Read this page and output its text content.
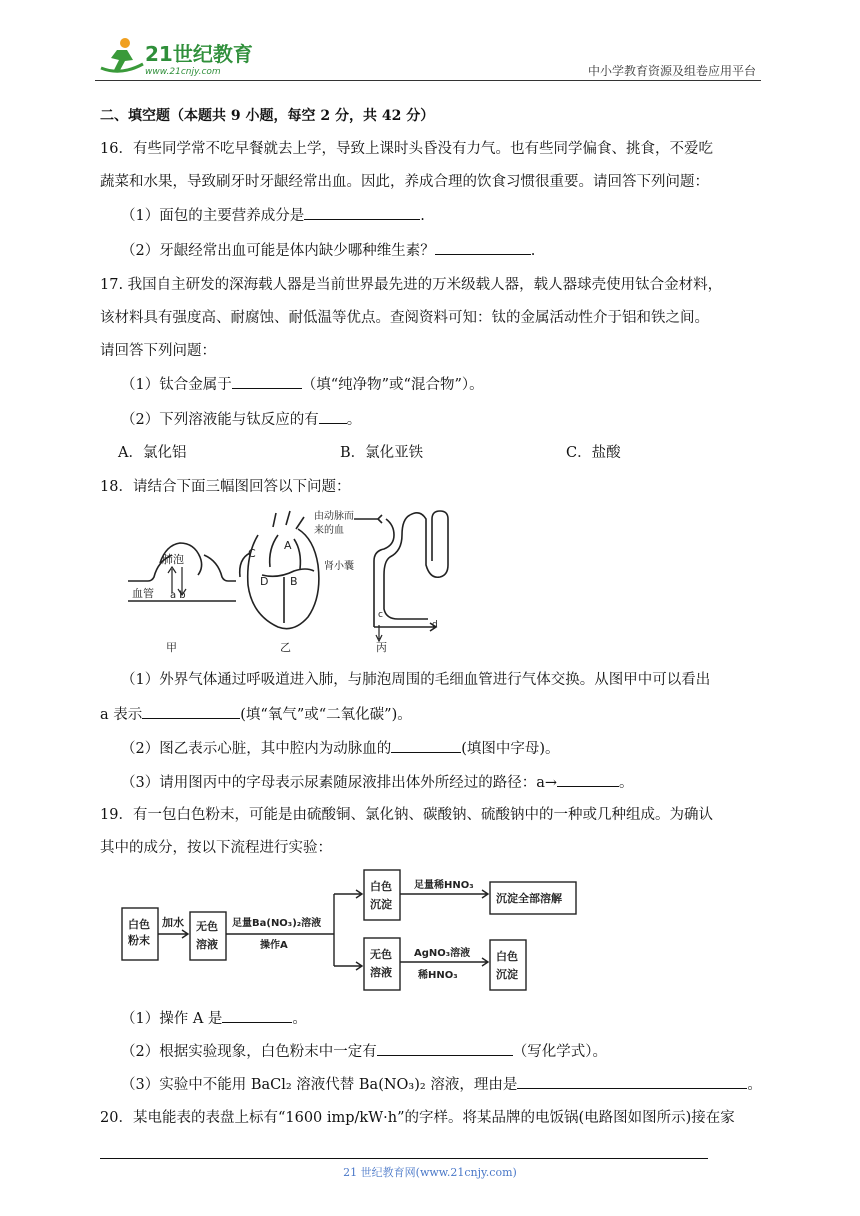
21世纪教育
www.21cnjy.com	中小学教育资源及组卷应用平台
二、填空题（本题共 9 小题，每空 2 分，共 42 分）
16．有些同学常不吃早餐就去上学，导致上课时头昏没有力气。也有些同学偏食、挑食，不爱吃
蔬菜和水果，导致刷牙时牙龈经常出血。因此，养成合理的饮食习惯很重要。请回答下列问题：
（1）面包的主要营养成分是	.
（2）牙龈经常出血可能是体内缺少哪种维生素？	.
17. 我国自主研发的深海载人器是当前世界最先进的万米级载人器，载人器球壳使用钛合金材料，
该材料具有强度高、耐腐蚀、耐低温等优点。查阅资料可知：钛的金属活动性介于铝和铁之间。
请回答下列问题：
（1）钛合金属于	（填“纯净物”或“混合物”）。
（2）下列溶液能与钛反应的有 。
A．氯化铝	B．氯化亚铁	C．盐酸
18．请结合下面三幅图回答以下问题：
肺泡
血管 a b
甲
C
A
D B
乙
由动脉而
来的血
肾小囊
c
d
丙
（1）外界气体通过呼吸道进入肺，与肺泡周围的毛细血管进行气体交换。从图甲中可以看出
a 表示	(填“氧气”或“二氧化碳”)。
（2）图乙表示心脏，其中腔内为动脉血的	(填图中字母)。
（3）请用图丙中的字母表示尿素随尿液排出体外所经过的路径：a→	。
19．有一包白色粉末，可能是由硫酸铜、氯化钠、碳酸钠、硫酸钠中的一种或几种组成。为确认
其中的成分，按以下流程进行实验：
白色
粉末
加水 无色
溶液
足量Ba(NO₃)₂溶液
操作A
白色
沉淀
足量稀HNO₃
沉淀全部溶解
无色
溶液
AgNO₃溶液
稀HNO₃
白色
沉淀
（1）操作 A 是	。
（2）根据实验现象，白色粉末中一定有	（写化学式）。
（3）实验中不能用 BaCl₂ 溶液代替 Ba(NO₃)₂ 溶液，理由是	。
20．某电能表的表盘上标有“1600 imp/kW·h”的字样。将某品牌的电饭锅(电路图如图所示)接在家
21 世纪教育网(www.21cnjy.com)
